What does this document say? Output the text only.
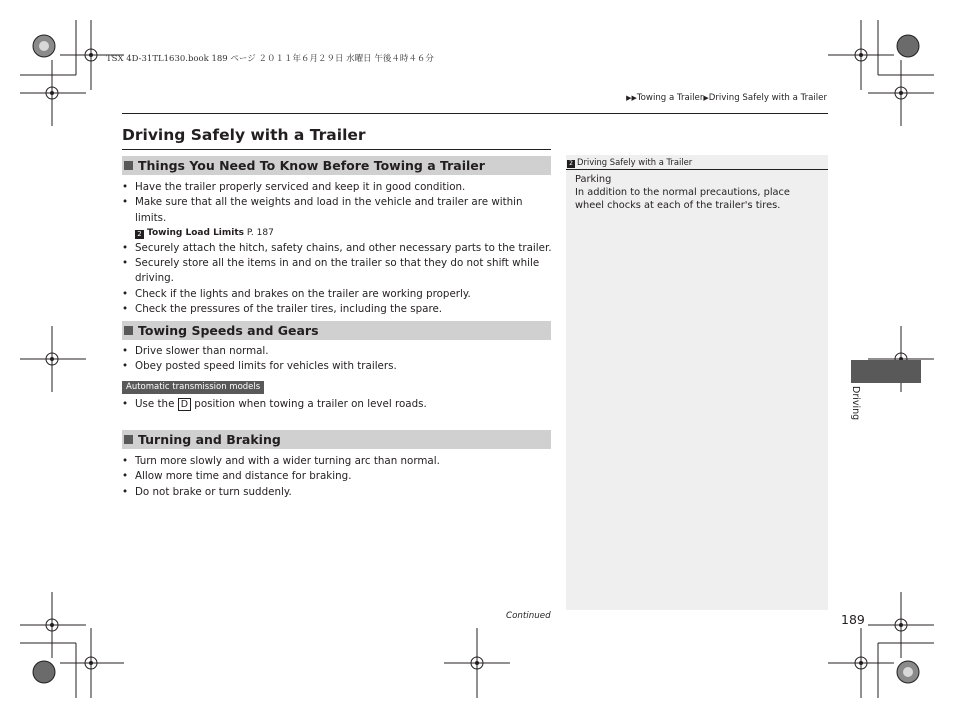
TSX 4D-31TL1630.book 189 ページ ２０１１年６月２９日 水曜日 午後４時４６分
▶▶Towing a Trailer▶Driving Safely with a Trailer
Driving Safely with a Trailer
Things You Need To Know Before Towing a Trailer
• Have the trailer properly serviced and keep it in good condition.
• Make sure that all the weights and load in the vehicle and trailer are within limits.
2 Towing Load Limits P. 187
• Securely attach the hitch, safety chains, and other necessary parts to the trailer.
• Securely store all the items in and on the trailer so that they do not shift while driving.
• Check if the lights and brakes on the trailer are working properly.
• Check the pressures of the trailer tires, including the spare.
Towing Speeds and Gears
• Drive slower than normal.
• Obey posted speed limits for vehicles with trailers.
Automatic transmission models
• Use the D position when towing a trailer on level roads.
Turning and Braking
• Turn more slowly and with a wider turning arc than normal.
• Allow more time and distance for braking.
• Do not brake or turn suddenly.
2 Driving Safely with a Trailer
Parking
In addition to the normal precautions, place wheel chocks at each of the trailer's tires.
Continued	189
Driving
